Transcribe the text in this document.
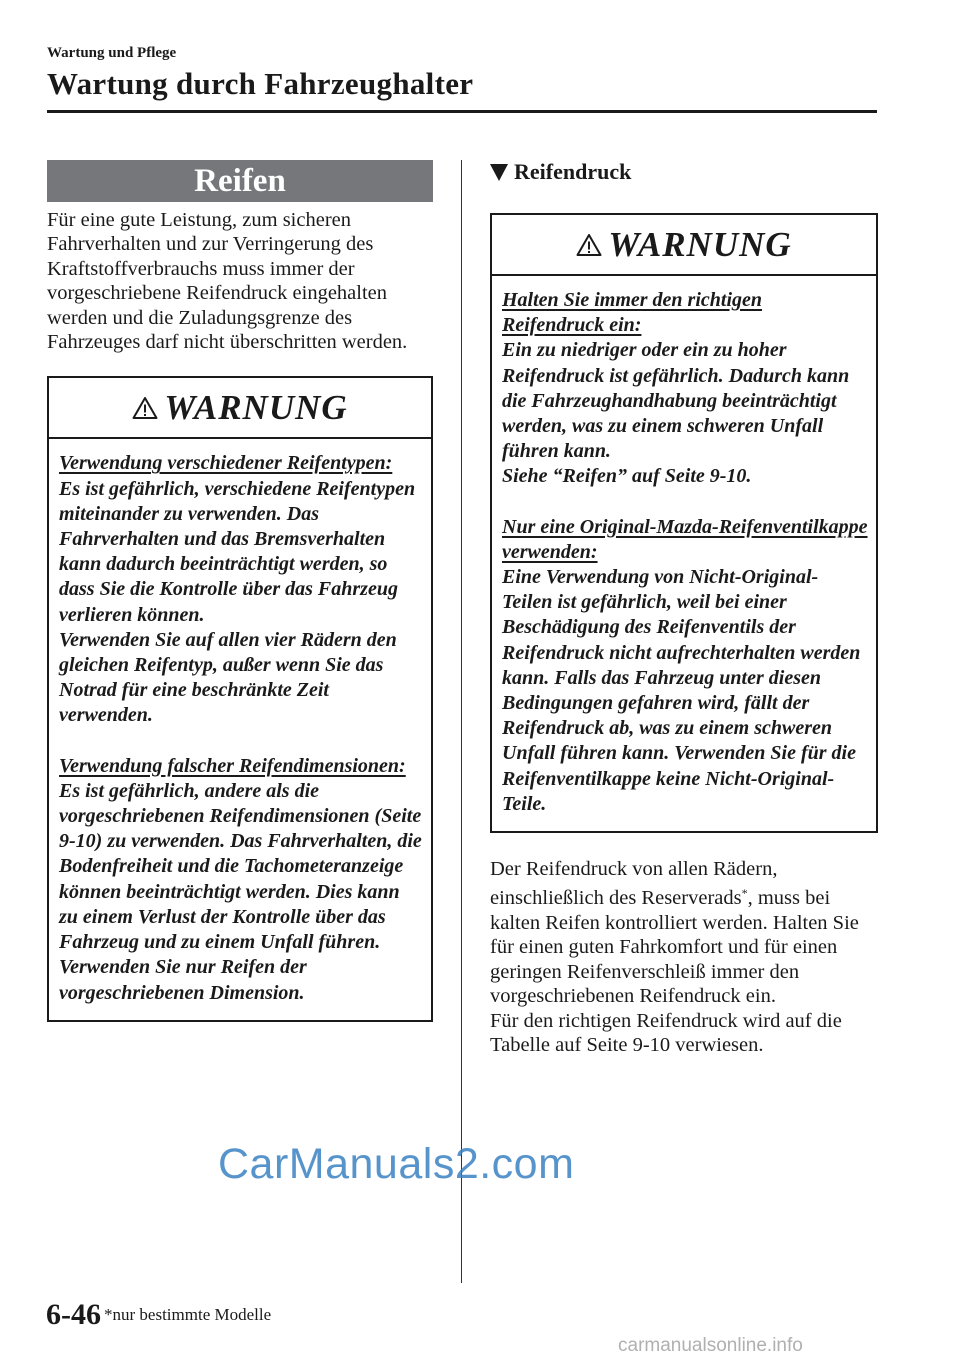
Wartung und Pflege
Wartung durch Fahrzeughalter
Reifen

Für eine gute Leistung, zum sicheren Fahrverhalten und zur Verringerung des Kraftstoffverbrauchs muss immer der vorgeschriebene Reifendruck eingehalten werden und die Zuladungsgrenze des Fahrzeuges darf nicht überschritten werden.

WARNUNG

Verwendung verschiedener Reifentypen:

Es ist gefährlich, verschiedene Reifentypen miteinander zu verwenden. Das Fahrverhalten und das Bremsverhalten kann dadurch beeinträchtigt werden, so dass Sie die Kontrolle über das Fahrzeug verlieren können.

Verwenden Sie auf allen vier Rädern den gleichen Reifentyp, außer wenn Sie das Notrad für eine beschränkte Zeit verwenden.

Verwendung falscher Reifendimensionen:

Es ist gefährlich, andere als die vorgeschriebenen Reifendimensionen (Seite 9-10) zu verwenden. Das Fahrverhalten, die Bodenfreiheit und die Tachometeranzeige können beeinträchtigt werden. Dies kann zu einem Verlust der Kontrolle über das Fahrzeug und zu einem Unfall führen. Verwenden Sie nur Reifen der vorgeschriebenen Dimension.

Reifendruck
WARNUNG

Halten Sie immer den richtigen Reifendruck ein:

Ein zu niedriger oder ein zu hoher Reifendruck ist gefährlich. Dadurch kann die Fahrzeughandhabung beeinträchtigt werden, was zu einem schweren Unfall führen kann.

Siehe “Reifen” auf Seite 9-10.

Nur eine Original-Mazda-Reifenventilkappe verwenden:

Eine Verwendung von Nicht-Original-Teilen ist gefährlich, weil bei einer Beschädigung des Reifenventils der Reifendruck nicht aufrechterhalten werden kann. Falls das Fahrzeug unter diesen Bedingungen gefahren wird, fällt der Reifendruck ab, was zu einem schweren Unfall führen kann. Verwenden Sie für die Reifenventilkappe keine Nicht-Original-Teile.

Der Reifendruck von allen Rädern, einschließlich des Reserverads*, muss bei kalten Reifen kontrolliert werden. Halten Sie für einen guten Fahrkomfort und für einen geringen Reifenverschleiß immer den vorgeschriebenen Reifendruck ein.

Für den richtigen Reifendruck wird auf die Tabelle auf Seite 9-10 verwiesen.

6-46 *nur bestimmte Modelle
CarManuals2.com
carmanualsonline.info
